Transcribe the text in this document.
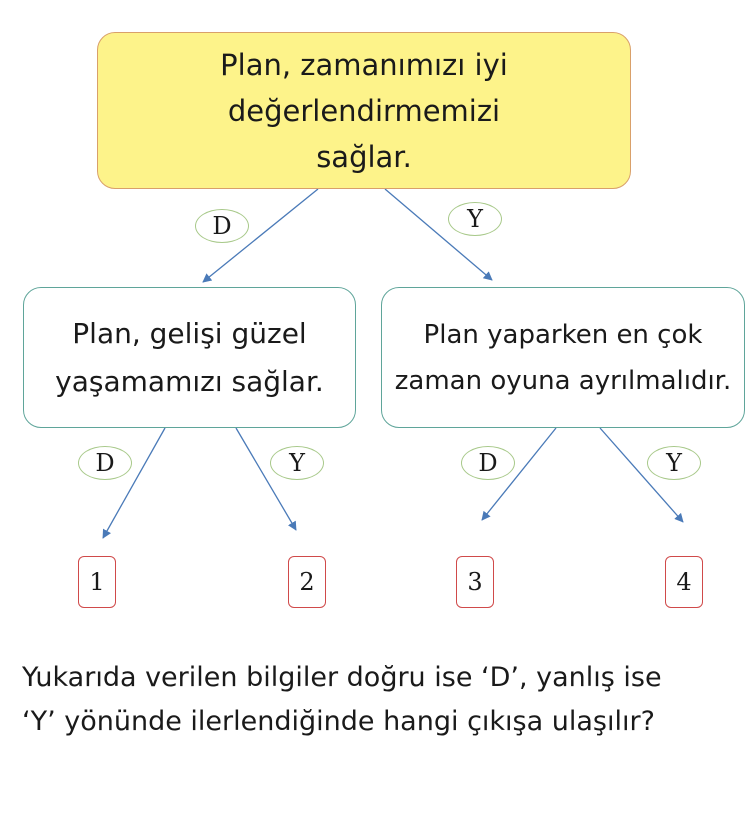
Plan, zamanımızı iyi
değerlendirmemizi
sağlar.
Plan, gelişi güzel
yaşamamızı sağlar.
Plan yaparken en çok
zaman oyuna ayrılmalıdır.
D	Y
D	Y	D	Y
1	2	3	4
Yukarıda verilen bilgiler doğru ise ‘D’, yanlış ise
‘Y’ yönünde ilerlendiğinde hangi çıkışa ulaşılır?
